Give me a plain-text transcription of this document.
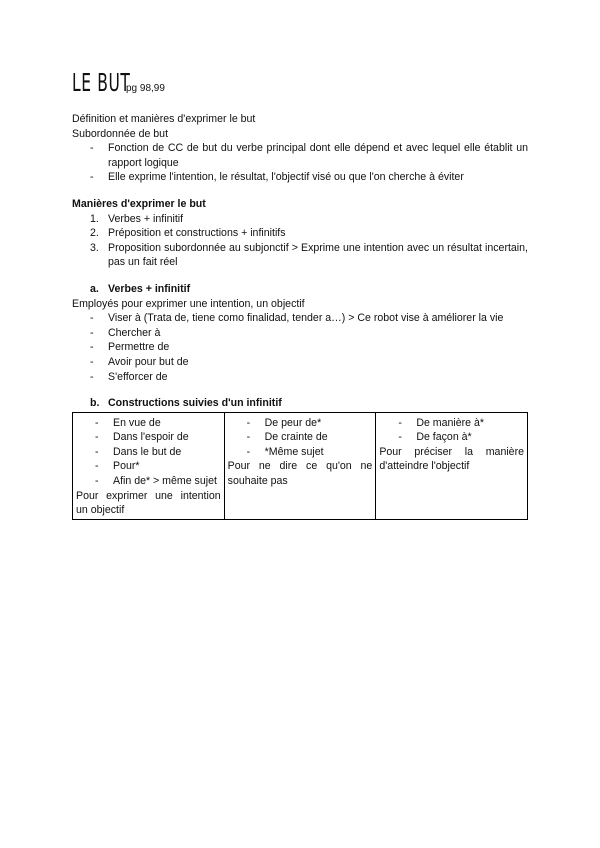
LE BUT
pg 98,99

Définition et manières d'exprimer le but

Subordonnée de but

- Fonction de CC de but du verbe principal dont elle dépend et avec lequel elle établit un rapport logique
- Elle exprime l'intention, le résultat, l'objectif visé ou que l'on cherche à éviter

Manières d'exprimer le but

1. Verbes + infinitif
2. Préposition et constructions + infinitifs
3. Proposition subordonnée au subjonctif > Exprime une intention avec un résultat incertain, pas un fait réel

a. Verbes + infinitif

Employés pour exprimer une intention, un objectif

- Viser à (Trata de, tiene como finalidad, tender a…) > Ce robot vise à améliorer la vie
- Chercher à
- Permettre de
- Avoir pour but de
- S'efforcer de

b. Constructions suivies d'un infinitif

- En vue de
- Dans l'espoir de
- Dans le but de
- Pour*
- Afin de* > même sujet

Pour exprimer une intention un objectif

- De peur de*
- De crainte de
- *Même sujet

Pour ne dire ce qu'on ne souhaite pas

- De manière à*
- De façon à*

Pour préciser la manière d'atteindre l'objectif
